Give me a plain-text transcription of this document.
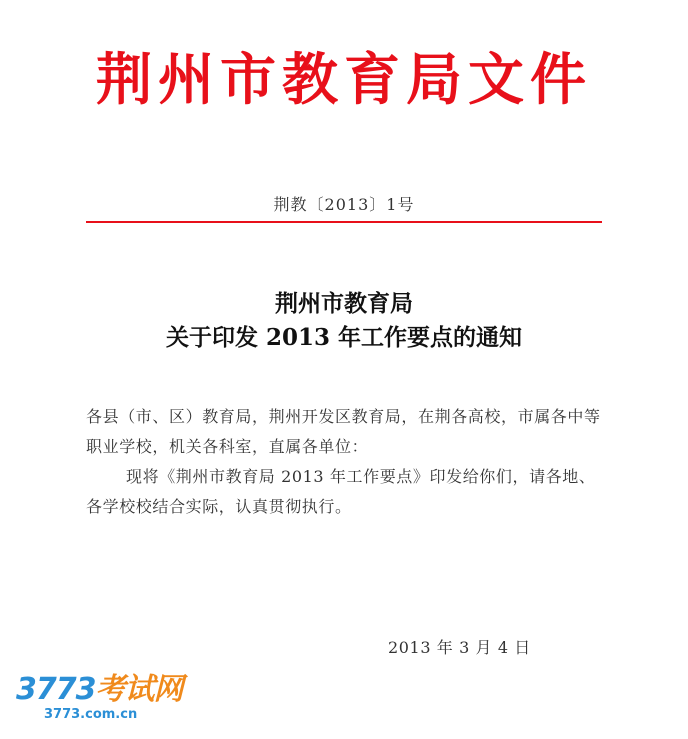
荆州市教育局文件
荆教〔2013〕1号
荆州市教育局
关于印发 2013 年工作要点的通知

各县（市、区）教育局，荆州开发区教育局，在荆各高校，市属各中等职业学校，机关各科室，直属各单位：

现将《荆州市教育局 2013 年工作要点》印发给你们，请各地、各学校校结合实际，认真贯彻执行。

2013 年 3 月 4 日
3773考试网
3773.com.cn
